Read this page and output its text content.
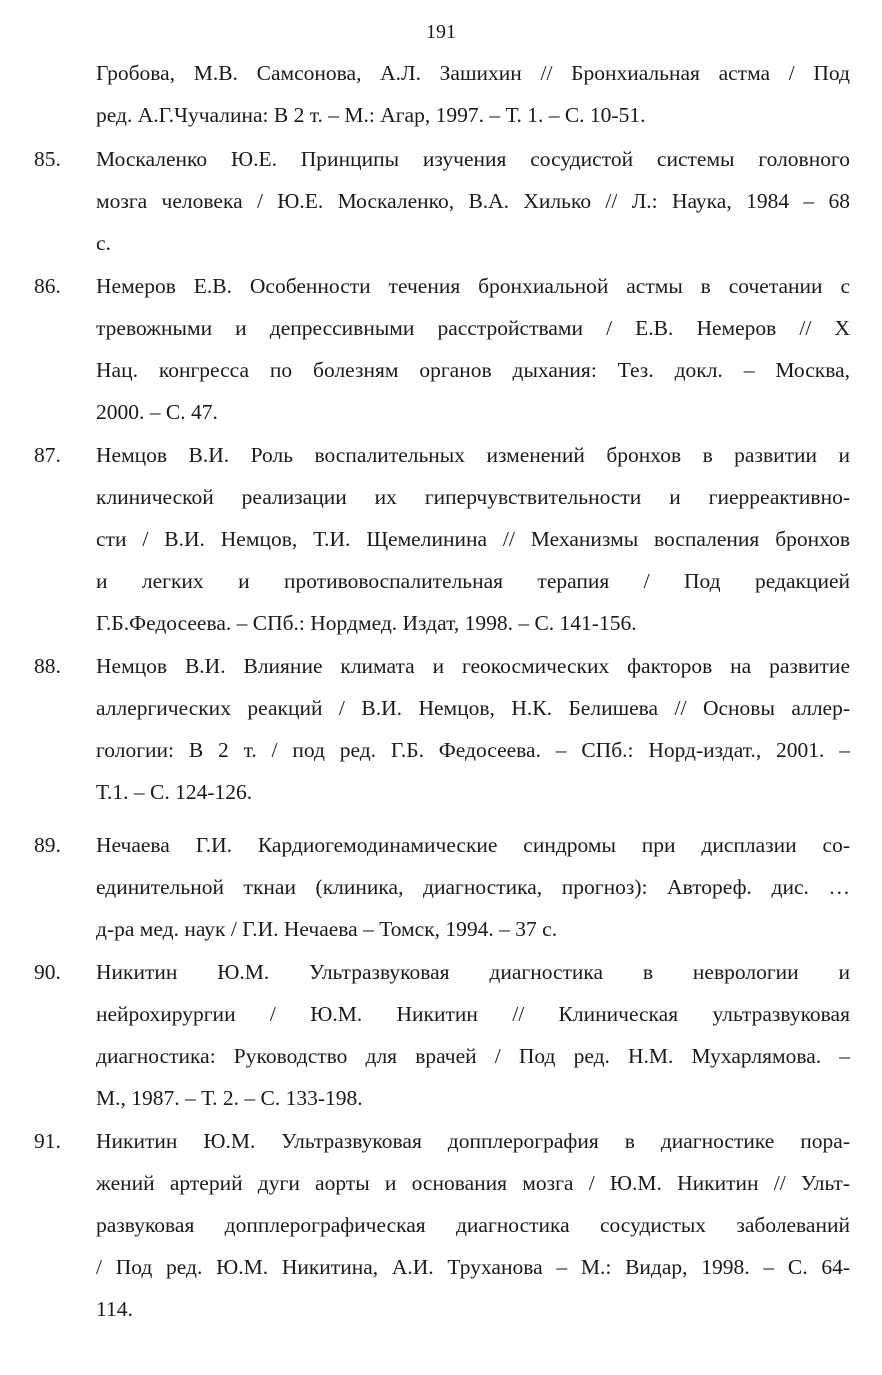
191
Гробова, М.В. Самсонова, А.Л. Зашихин // Бронхиальная астма / Под
ред. А.Г.Чучалина: В 2 т. – М.: Агар, 1997. – Т. 1. – С. 10-51.
85.	Москаленко Ю.Е. Принципы изучения сосудистой системы головного
мозга человека / Ю.Е. Москаленко, В.А. Хилько // Л.: Наука, 1984 – 68
с.
86.	Немеров Е.В. Особенности течения бронхиальной астмы в сочетании с
тревожными и депрессивными расстройствами / Е.В. Немеров // X
Нац. конгресса по болезням органов дыхания: Тез. докл. – Москва,
2000. – С. 47.
87.	Немцов В.И. Роль воспалительных изменений бронхов в развитии и
клинической реализации их гиперчувствительности и гиерреактивно-
сти / В.И. Немцов, Т.И. Щемелинина // Механизмы воспаления бронхов
и легких и противовоспалительная терапия / Под редакцией
Г.Б.Федосеева. – СПб.: Нордмед. Издат, 1998. – С. 141-156.
88.	Немцов В.И. Влияние климата и геокосмических факторов на развитие
аллергических реакций / В.И. Немцов, Н.К. Белишева // Основы аллер-
гологии: В 2 т. / под ред. Г.Б. Федосеева. – СПб.: Норд-издат., 2001. –
Т.1. – С. 124-126.
89.	Нечаева Г.И. Кардиогемодинамические синдромы при дисплазии со-
единительной ткнаи (клиника, диагностика, прогноз): Автореф. дис. …
д-ра мед. наук / Г.И. Нечаева – Томск, 1994. – 37 с.
90.	Никитин Ю.М. Ультразвуковая диагностика в неврологии и
нейрохирургии / Ю.М. Никитин // Клиническая ультразвуковая
диагностика: Руководство для врачей / Под ред. Н.М. Мухарлямова. –
М., 1987. – Т. 2. – С. 133-198.
91.	Никитин Ю.М. Ультразвуковая допплерография в диагностике пора-
жений артерий дуги аорты и основания мозга / Ю.М. Никитин // Ульт-
развуковая допплерографическая диагностика сосудистых заболеваний
/ Под ред. Ю.М. Никитина, А.И. Труханова – М.: Видар, 1998. – С. 64-
114.
